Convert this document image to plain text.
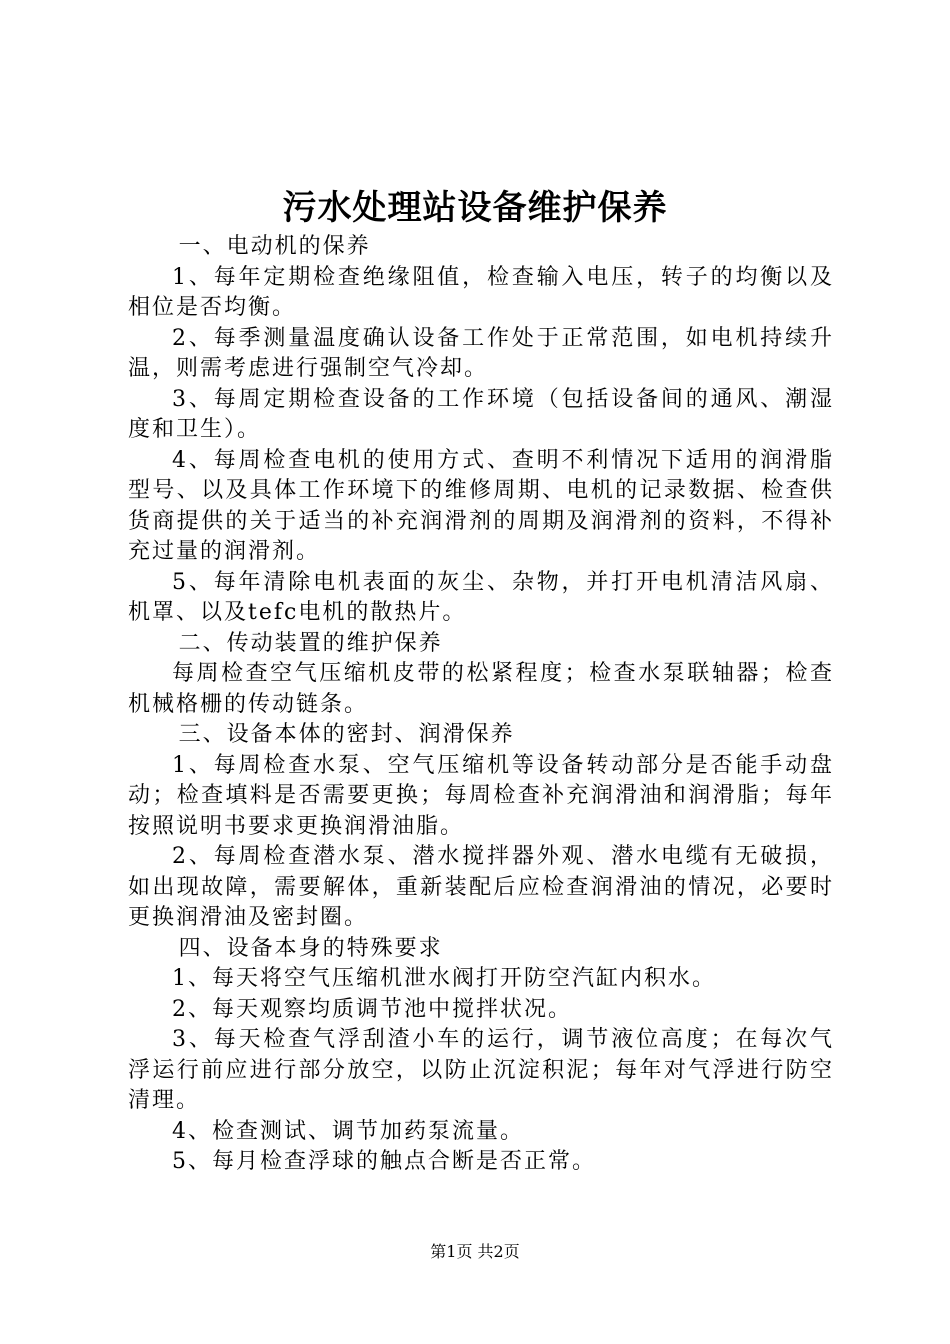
污水处理站设备维护保养

一、电动机的保养

1、每年定期检查绝缘阻值，检查输入电压，转子的均衡以及相位是否均衡。

2、每季测量温度确认设备工作处于正常范围，如电机持续升温，则需考虑进行强制空气冷却。

3、每周定期检查设备的工作环境（包括设备间的通风、潮湿度和卫生）。

4、每周检查电机的使用方式、查明不利情况下适用的润滑脂型号、以及具体工作环境下的维修周期、电机的记录数据、检查供货商提供的关于适当的补充润滑剂的周期及润滑剂的资料，不得补充过量的润滑剂。

5、每年清除电机表面的灰尘、杂物，并打开电机清洁风扇、机罩、以及tefc电机的散热片。

二、传动装置的维护保养

每周检查空气压缩机皮带的松紧程度；检查水泵联轴器；检查机械格栅的传动链条。

三、设备本体的密封、润滑保养

1、每周检查水泵、空气压缩机等设备转动部分是否能手动盘动；检查填料是否需要更换；每周检查补充润滑油和润滑脂；每年按照说明书要求更换润滑油脂。

2、每周检查潜水泵、潜水搅拌器外观、潜水电缆有无破损，如出现故障，需要解体，重新装配后应检查润滑油的情况，必要时更换润滑油及密封圈。

四、设备本身的特殊要求

1、每天将空气压缩机泄水阀打开防空汽缸内积水。

2、每天观察均质调节池中搅拌状况。

3、每天检查气浮刮渣小车的运行，调节液位高度；在每次气浮运行前应进行部分放空，以防止沉淀积泥；每年对气浮进行防空清理。

4、检查测试、调节加药泵流量。

5、每月检查浮球的触点合断是否正常。

第1页 共2页
